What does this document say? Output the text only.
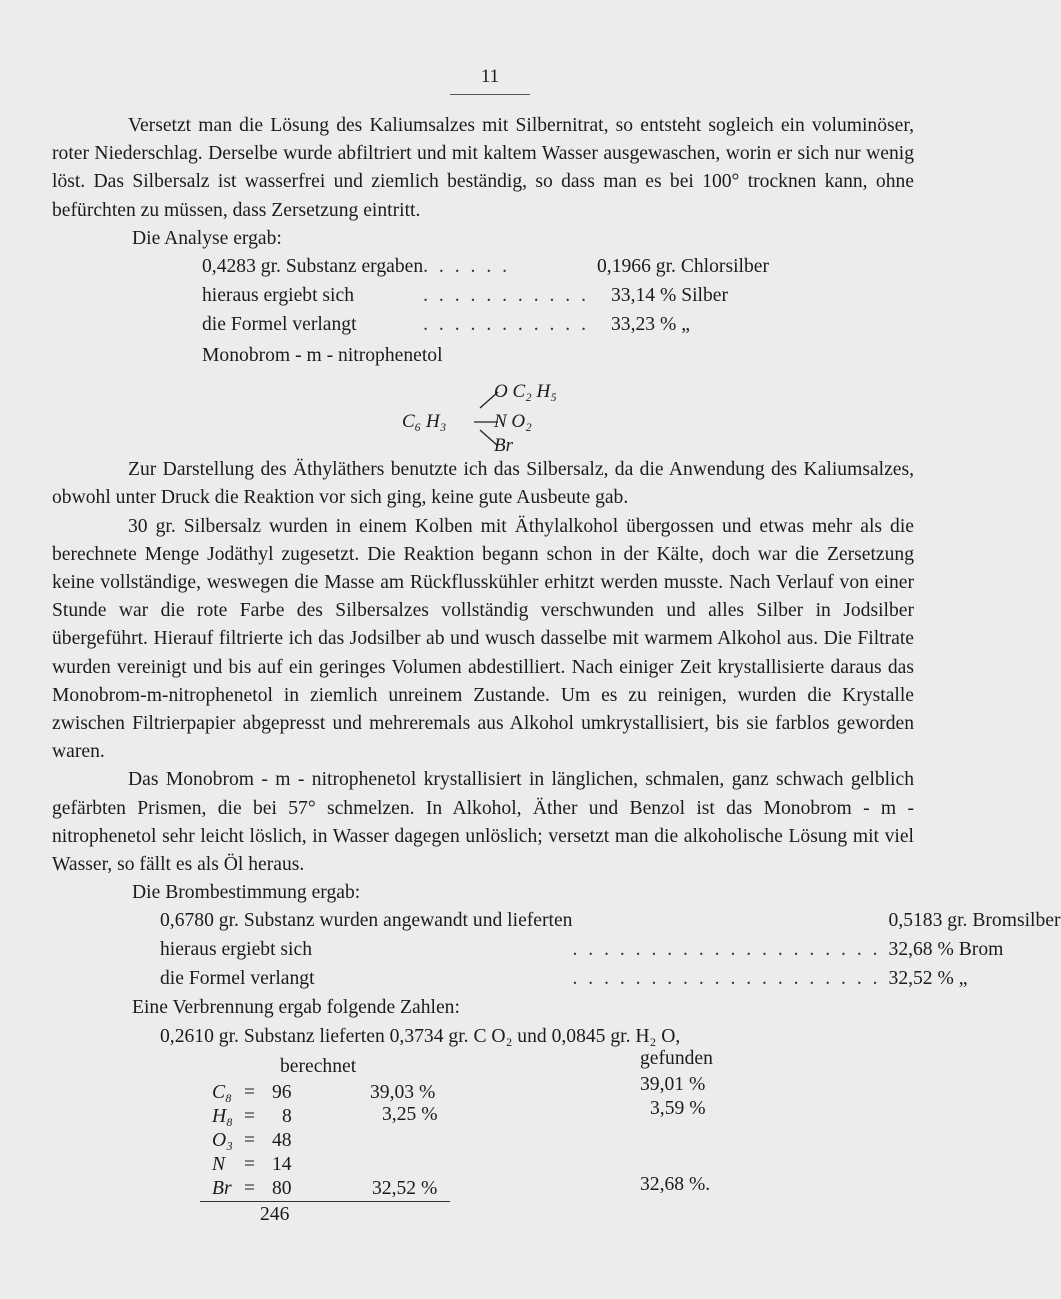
11

Versetzt man die Lösung des Kaliumsalzes mit Silbernitrat, so entsteht sogleich ein voluminöser, roter Niederschlag. Derselbe wurde abfiltriert und mit kaltem Wasser ausgewaschen, worin er sich nur wenig löst. Das Silbersalz ist wasserfrei und ziemlich beständig, so dass man es bei 100° trocknen kann, ohne befürchten zu müssen, dass Zersetzung eintritt.

Die Analyse ergab:
0,4283 gr. Substanz ergaben	. . . . . .	0,1966 gr. Chlorsilber
hieraus ergiebt sich	. . . . . . . . . . .	33,14 % Silber
die Formel verlangt	. . . . . . . . . . .	33,23 % „
Monobrom - m - nitrophenetol
C₆ H₃
O C₂ H₅
N O₂
Br

Zur Darstellung des Äthyläthers benutzte ich das Silbersalz, da die Anwendung des Kaliumsalzes, obwohl unter Druck die Reaktion vor sich ging, keine gute Ausbeute gab.

30 gr. Silbersalz wurden in einem Kolben mit Äthylalkohol übergossen und etwas mehr als die berechnete Menge Jodäthyl zugesetzt. Die Reaktion begann schon in der Kälte, doch war die Zersetzung keine vollständige, weswegen die Masse am Rückflusskühler erhitzt werden musste. Nach Verlauf von einer Stunde war die rote Farbe des Silbersalzes vollständig verschwunden und alles Silber in Jodsilber übergeführt. Hierauf filtrierte ich das Jodsilber ab und wusch dasselbe mit warmem Alkohol aus. Die Filtrate wurden vereinigt und bis auf ein geringes Volumen abdestilliert. Nach einiger Zeit krystallisierte daraus das Monobrom-m-nitrophenetol in ziemlich unreinem Zustande. Um es zu reinigen, wurden die Krystalle zwischen Filtrierpapier abgepresst und mehreremals aus Alkohol umkrystallisiert, bis sie farblos geworden waren.

Das Monobrom - m - nitrophenetol krystallisiert in länglichen, schmalen, ganz schwach gelblich gefärbten Prismen, die bei 57° schmelzen. In Alkohol, Äther und Benzol ist das Monobrom - m - nitrophenetol sehr leicht löslich, in Wasser dagegen unlöslich; versetzt man die alkoholische Lösung mit viel Wasser, so fällt es als Öl heraus.

Die Brombestimmung ergab:
0,6780 gr. Substanz wurden angewandt und lieferten		0,5183 gr. Bromsilber
hieraus ergiebt sich	. . . . . . . . . . . . . . . . . . . .	32,68 % Brom
die Formel verlangt	. . . . . . . . . . . . . . . . . . . .	32,52 % „
Eine Verbrennung ergab folgende Zahlen:
0,2610 gr. Substanz lieferten 0,3734 gr. C O₂ und 0,0845 gr. H₂ O,
berechnet	gefunden
C₈ = 96	39,03 %	39,01 %
H₈ = 8	3,25 %	3,59 %
O₃ = 48
N = 14
Br = 80	32,52 %	32,68 %.
246
